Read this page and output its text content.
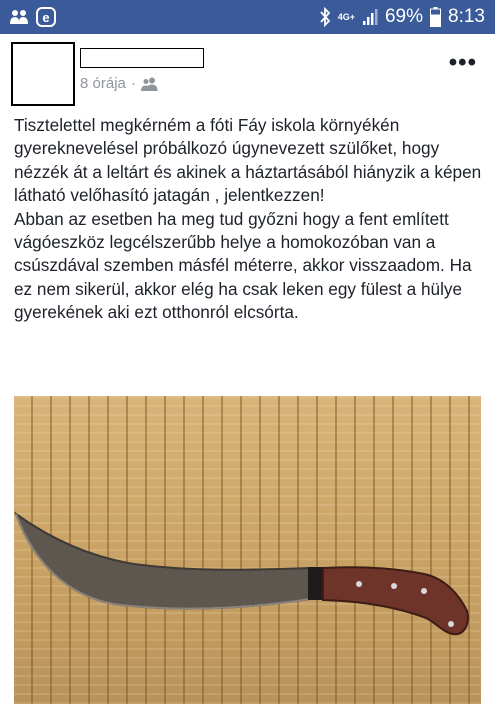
e	4G+ 69% 8:13
8 órája ·
•••

Tisztelettel megkérném a fóti Fáy iskola környékén gyereknevelésel próbálkozó úgynevezett szülőket, hogy nézzék át a leltárt és akinek a háztartásából hiányzik a képen látható velőhasító jatagán , jelentkezzen!

Abban az esetben ha meg tud győzni hogy a fent említett vágóeszköz legcélszerűbb helye a homokozóban van a csúszdával szemben másfél méterre, akkor visszaadom. Ha ez nem sikerül, akkor elég ha csak leken egy fülest a hülye gyerekének aki ezt otthonról elcsórta.
